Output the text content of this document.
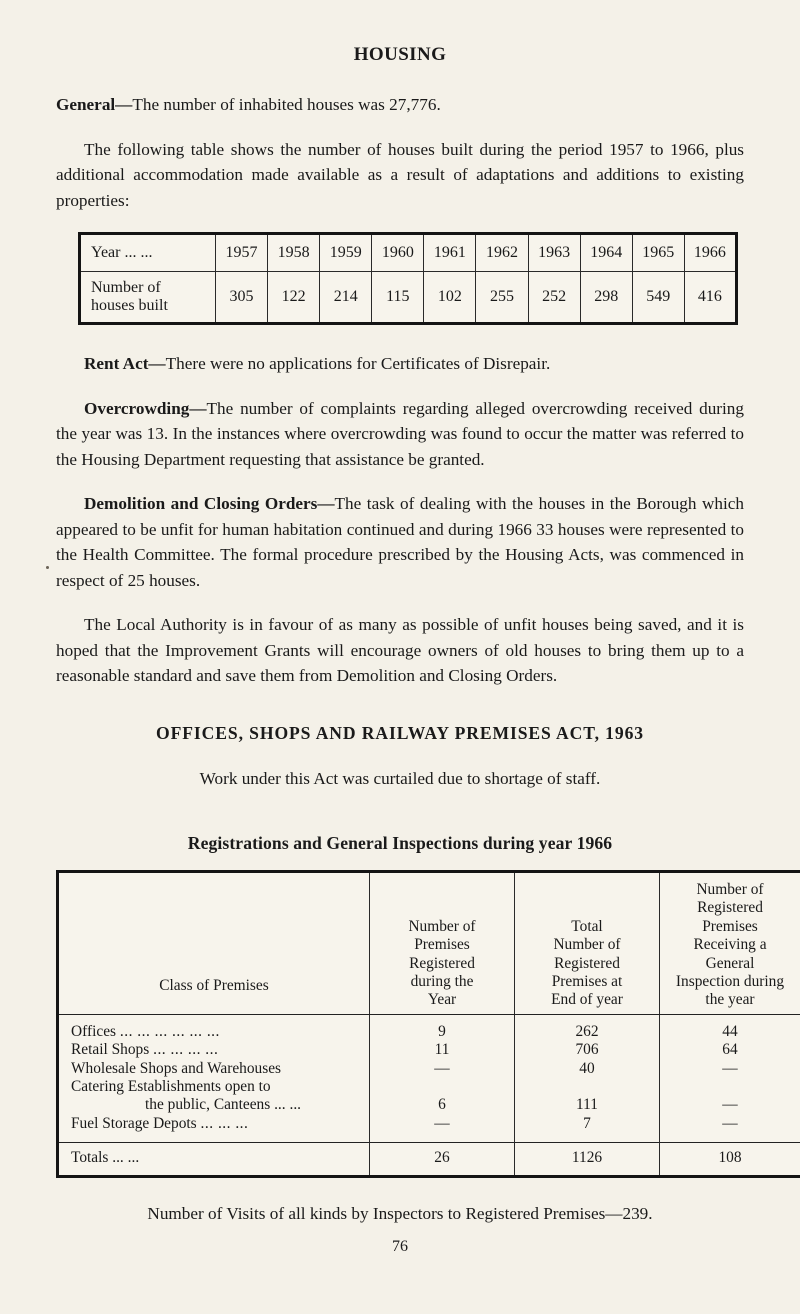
HOUSING

General—The number of inhabited houses was 27,776.

The following table shows the number of houses built during the period 1957 to 1966, plus additional accommodation made available as a result of adaptations and additions to existing properties:

Year ... ...	1957	1958	1959	1960	1961	1962	1963	1964	1965	1966
Number of
houses built	305	122	214	115	102	255	252	298	549	416

Rent Act—There were no applications for Certificates of Disrepair.

Overcrowding—The number of complaints regarding alleged overcrowding received during the year was 13. In the instances where overcrowding was found to occur the matter was referred to the Housing Department requesting that assistance be granted.

Demolition and Closing Orders—The task of dealing with the houses in the Borough which appeared to be unfit for human habitation continued and during 1966 33 houses were represented to the Health Committee. The formal procedure prescribed by the Housing Acts, was commenced in respect of 25 houses.

The Local Authority is in favour of as many as possible of unfit houses being saved, and it is hoped that the Improvement Grants will encourage owners of old houses to bring them up to a reasonable standard and save them from Demolition and Closing Orders.

OFFICES, SHOPS AND RAILWAY PREMISES ACT, 1963

Work under this Act was curtailed due to shortage of staff.

Registrations and General Inspections during year 1966
Class of Premises	Number of
Premises
Registered
during the
Year	Total
Number of
Registered
Premises at
End of year	Number of
Registered
Premises
Receiving a
General
Inspection during
the year
Offices ... ... ... ... ... ...	9	262	44
Retail Shops ... ... ... ...	11	706	64
Wholesale Shops and Warehouses	—	40	—
Catering Establishments open to			
the public, Canteens ... ...	6	111	—
Fuel Storage Depots ... ... ...	—	7	—
Totals ... ...	26	1126	108

Number of Visits of all kinds by Inspectors to Registered Premises—239.

76
